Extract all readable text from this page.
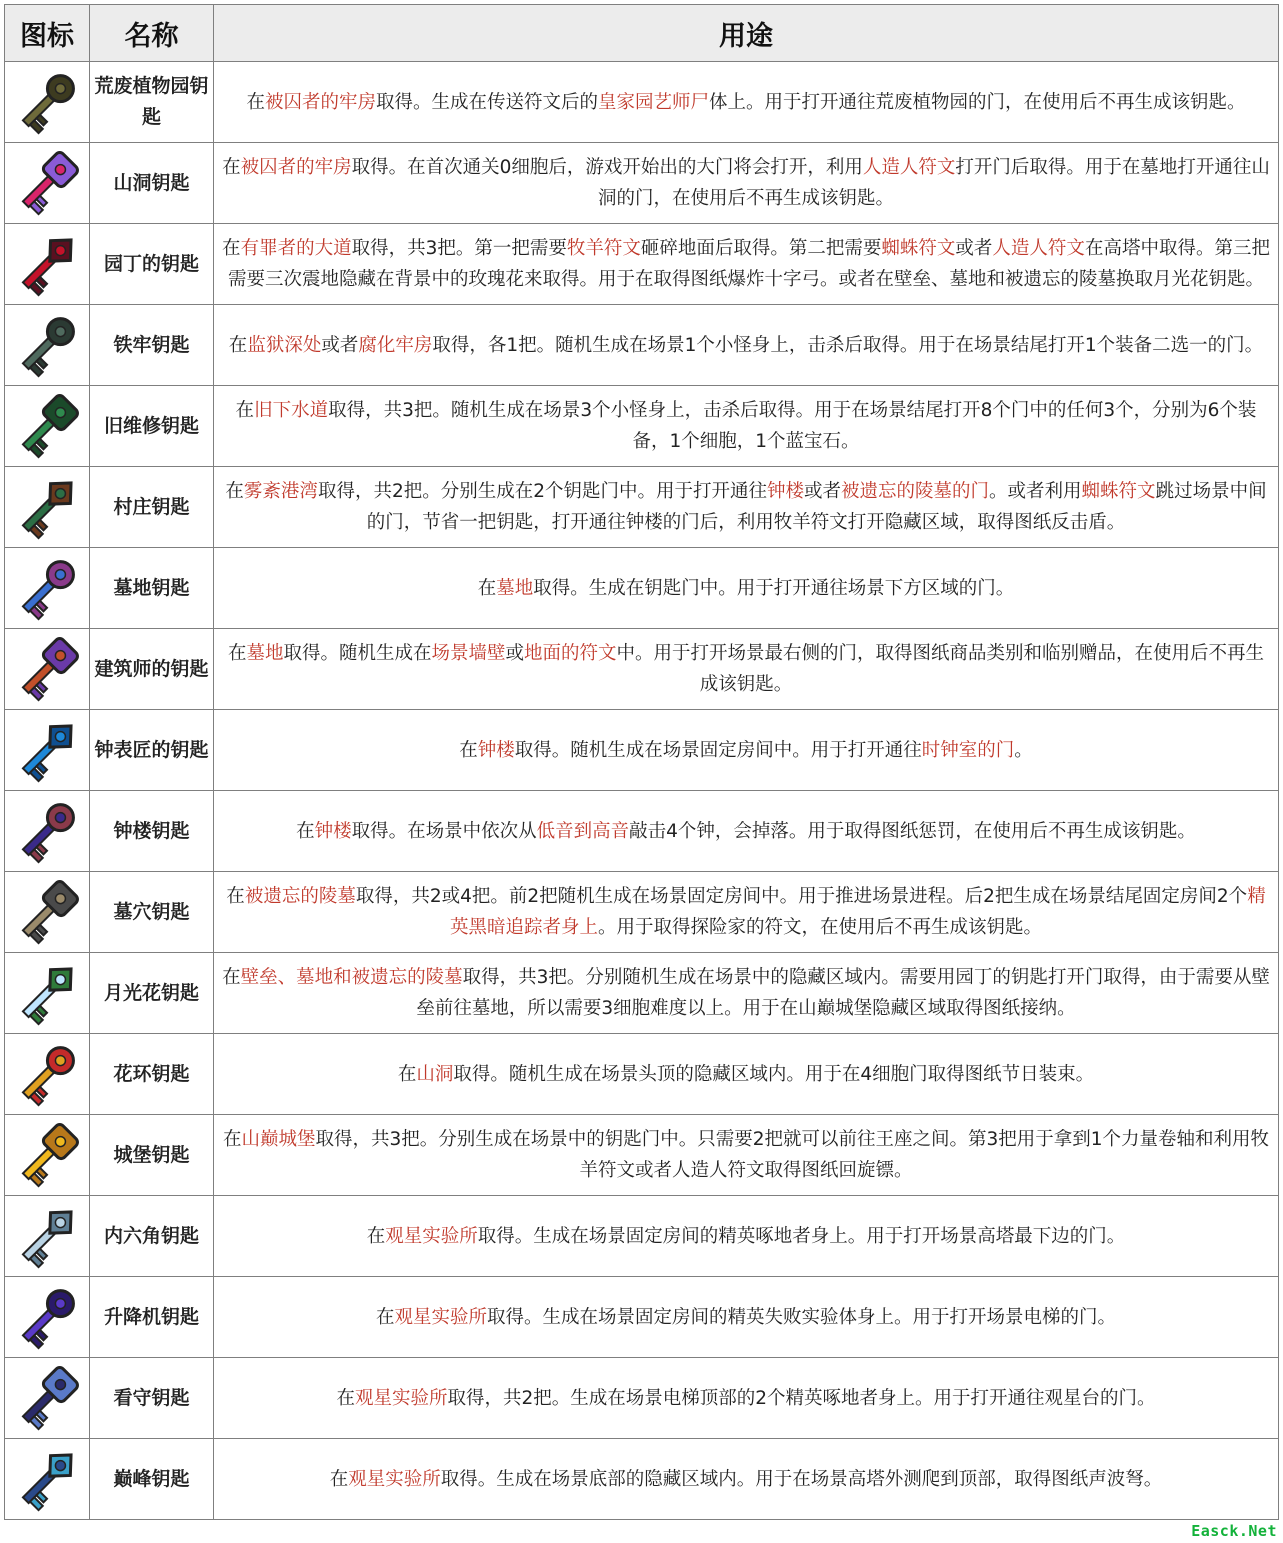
图标	名称	用途

	荒废植物园钥匙	在被囚者的牢房取得。生成在传送符文后的皇家园艺师尸体上。用于打开通往荒废植物园的门，在使用后不再生成该钥匙。

	山洞钥匙	在被囚者的牢房取得。在首次通关0细胞后，游戏开始出的大门将会打开，利用人造人符文打开门后取得。用于在墓地打开通往山洞的门，在使用后不再生成该钥匙。

	园丁的钥匙	在有罪者的大道取得，共3把。第一把需要牧羊符文砸碎地面后取得。第二把需要蜘蛛符文或者人造人符文在高塔中取得。第三把需要三次震地隐藏在背景中的玫瑰花来取得。用于在取得图纸爆炸十字弓。或者在壁垒、墓地和被遗忘的陵墓换取月光花钥匙。

	铁牢钥匙	在监狱深处或者腐化牢房取得，各1把。随机生成在场景1个小怪身上，击杀后取得。用于在场景结尾打开1个装备二选一的门。

	旧维修钥匙	在旧下水道取得，共3把。随机生成在场景3个小怪身上，击杀后取得。用于在场景结尾打开8个门中的任何3个，分别为6个装备，1个细胞，1个蓝宝石。

	村庄钥匙	在雾紊港湾取得，共2把。分别生成在2个钥匙门中。用于打开通往钟楼或者被遗忘的陵墓的门。或者利用蜘蛛符文跳过场景中间的门，节省一把钥匙，打开通往钟楼的门后，利用牧羊符文打开隐藏区域，取得图纸反击盾。

	墓地钥匙	在墓地取得。生成在钥匙门中。用于打开通往场景下方区域的门。

	建筑师的钥匙	在墓地取得。随机生成在场景墙壁或地面的符文中。用于打开场景最右侧的门，取得图纸商品类别和临别赠品，在使用后不再生成该钥匙。

	钟表匠的钥匙	在钟楼取得。随机生成在场景固定房间中。用于打开通往时钟室的门。

	钟楼钥匙	在钟楼取得。在场景中依次从低音到高音敲击4个钟，会掉落。用于取得图纸惩罚，在使用后不再生成该钥匙。

	墓穴钥匙	在被遗忘的陵墓取得，共2或4把。前2把随机生成在场景固定房间中。用于推进场景进程。后2把生成在场景结尾固定房间2个精英黑暗追踪者身上。用于取得探险家的符文，在使用后不再生成该钥匙。

	月光花钥匙	在壁垒、墓地和被遗忘的陵墓取得，共3把。分别随机生成在场景中的隐藏区域内。需要用园丁的钥匙打开门取得，由于需要从壁垒前往墓地，所以需要3细胞难度以上。用于在山巅城堡隐藏区域取得图纸接纳。

	花环钥匙	在山洞取得。随机生成在场景头顶的隐藏区域内。用于在4细胞门取得图纸节日装束。

	城堡钥匙	在山巅城堡取得，共3把。分别生成在场景中的钥匙门中。只需要2把就可以前往王座之间。第3把用于拿到1个力量卷轴和利用牧羊符文或者人造人符文取得图纸回旋镖。

	内六角钥匙	在观星实验所取得。生成在场景固定房间的精英啄地者身上。用于打开场景高塔最下边的门。

	升降机钥匙	在观星实验所取得。生成在场景固定房间的精英失败实验体身上。用于打开场景电梯的门。

	看守钥匙	在观星实验所取得，共2把。生成在场景电梯顶部的2个精英啄地者身上。用于打开通往观星台的门。

	巅峰钥匙	在观星实验所取得。生成在场景底部的隐藏区域内。用于在场景高塔外测爬到顶部，取得图纸声波弩。
Easck.Net
